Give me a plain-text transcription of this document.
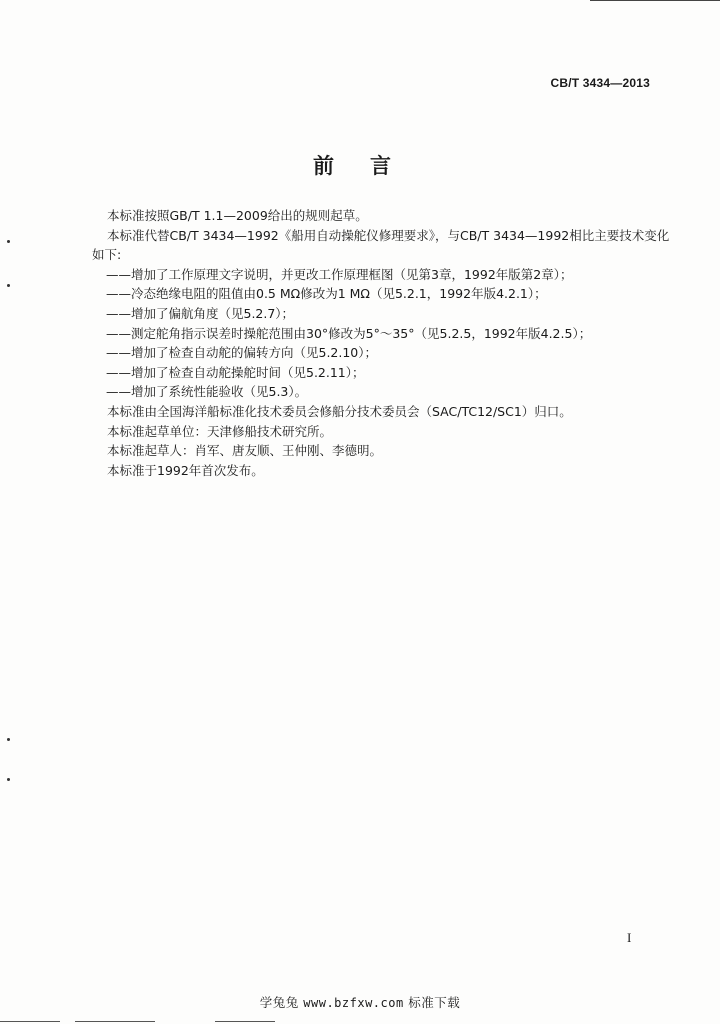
CB/T 3434—2013
前言
本标准按照GB/T 1.1—2009给出的规则起草。
本标准代替CB/T 3434—1992《船用自动操舵仪修理要求》，与CB/T 3434—1992相比主要技术变化
如下:
——增加了工作原理文字说明，并更改工作原理框图（见第3章，1992年版第2章）；
——冷态绝缘电阻的阻值由0.5 MΩ修改为1 MΩ（见5.2.1，1992年版4.2.1）；
——增加了偏航角度（见5.2.7）；
——测定舵角指示误差时操舵范围由30°修改为5°～35°（见5.2.5，1992年版4.2.5）；
——增加了检查自动舵的偏转方向（见5.2.10）；
——增加了检查自动舵操舵时间（见5.2.11）；
——增加了系统性能验收（见5.3）。
本标准由全国海洋船标准化技术委员会修船分技术委员会（SAC/TC12/SC1）归口。
本标准起草单位：天津修船技术研究所。
本标准起草人：肖军、唐友顺、王仲刚、李德明。
本标准于1992年首次发布。
I
学兔兔 www.bzfxw.com 标准下载
